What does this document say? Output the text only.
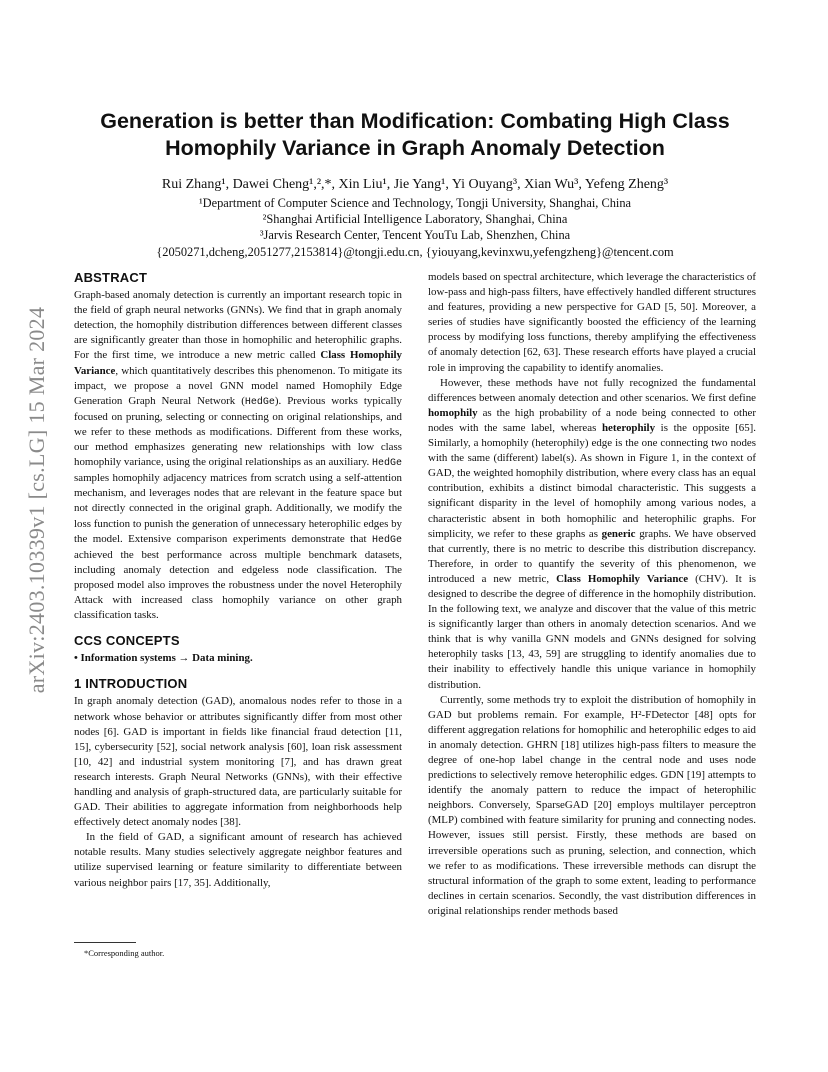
arXiv:2403.10339v1 [cs.LG] 15 Mar 2024
Generation is better than Modification: Combating High Class
Homophily Variance in Graph Anomaly Detection
Rui Zhang¹, Dawei Cheng¹,²,*, Xin Liu¹, Jie Yang¹, Yi Ouyang³, Xian Wu³, Yefeng Zheng³
¹Department of Computer Science and Technology, Tongji University, Shanghai, China
²Shanghai Artificial Intelligence Laboratory, Shanghai, China
³Jarvis Research Center, Tencent YouTu Lab, Shenzhen, China
{2050271,dcheng,2051277,2153814}@tongji.edu.cn, {yiouyang,kevinxwu,yefengzheng}@tencent.com
ABSTRACT

Graph-based anomaly detection is currently an important research topic in the field of graph neural networks (GNNs). We find that in graph anomaly detection, the homophily distribution differences between different classes are significantly greater than those in homophilic and heterophilic graphs. For the first time, we introduce a new metric called Class Homophily Variance, which quantitatively describes this phenomenon. To mitigate its impact, we propose a novel GNN model named Homophily Edge Generation Graph Neural Network (HedGe). Previous works typically focused on pruning, selecting or connecting on original relationships, and we refer to these methods as modifications. Different from these works, our method emphasizes generating new relationships with low class homophily variance, using the original relationships as an auxiliary. HedGe samples homophily adjacency matrices from scratch using a self-attention mechanism, and leverages nodes that are relevant in the feature space but not directly connected in the original graph. Additionally, we modify the loss function to punish the generation of unnecessary heterophilic edges by the model. Extensive comparison experiments demonstrate that HedGe achieved the best performance across multiple benchmark datasets, including anomaly detection and edgeless node classification. The proposed model also improves the robustness under the novel Heterophily Attack with increased class homophily variance on other graph classification tasks.

CCS CONCEPTS

• Information systems → Data mining.

1 INTRODUCTION

In graph anomaly detection (GAD), anomalous nodes refer to those in a network whose behavior or attributes significantly differ from most other nodes [6]. GAD is important in fields like financial fraud detection [11, 15], cybersecurity [52], social network analysis [60], loan risk assessment [10, 42] and industrial system monitoring [7], and has drawn great research interests. Graph Neural Networks (GNNs), with their effective handling and analysis of graph-structured data, are particularly suitable for GAD. Their abilities to aggregate information from neighborhoods help effectively detect anomaly nodes [38].

In the field of GAD, a significant amount of research has achieved notable results. Many studies selectively aggregate neighbor features and utilize supervised learning or feature similarity to differentiate between various neighbor pairs [17, 35]. Additionally,

*Corresponding author.

models based on spectral architecture, which leverage the characteristics of low-pass and high-pass filters, have effectively handled different structures and features, providing a new perspective for GAD [5, 50]. Moreover, a series of studies have significantly boosted the efficiency of the learning process by modifying loss functions, thereby amplifying the effectiveness of anomaly detection [62, 63]. These research efforts have played a crucial role in improving the capability to identify anomalies.

However, these methods have not fully recognized the fundamental differences between anomaly detection and other scenarios. We first define homophily as the high probability of a node being connected to other nodes with the same label, whereas heterophily is the opposite [65]. Similarly, a homophily (heterophily) edge is the one connecting two nodes with the same (different) label(s). As shown in Figure 1, in the context of GAD, the weighted homophily distribution, where every class has an equal contribution, exhibits a distinct bimodal characteristic. This suggests a significant disparity in the level of homophily among various nodes, a characteristic absent in both homophilic and heterophilic graphs. For simplicity, we refer to these graphs as generic graphs. We have observed that currently, there is no metric to describe this distribution discrepancy. Therefore, in order to quantify the severity of this phenomenon, we introduced a new metric, Class Homophily Variance (CHV). It is designed to describe the degree of difference in the homophily distribution. In the following text, we analyze and discover that the value of this metric is significantly larger than others in anomaly detection scenarios. And we think that is why vanilla GNN models and GNNs designed for solving heterophily tasks [13, 43, 59] are struggling to identify anomalies due to their inability to effectively handle this unique variance in homophily distribution.

Currently, some methods try to exploit the distribution of homophily in GAD but problems remain. For example, H²-FDetector [48] opts for different aggregation relations for homophilic and heterophilic edges to aid in anomaly detection. GHRN [18] utilizes high-pass filters to measure the degree of one-hop label change in the central node and uses node predictions to selectively remove heterophilic edges. GDN [19] attempts to identify the anomaly pattern to reduce the impact of heterophilic neighbors. Conversely, SparseGAD [20] employs multilayer perceptron (MLP) combined with feature similarity for pruning and connecting nodes. However, issues still persist. Firstly, these methods are based on irreversible operations such as pruning, selection, and connection, which we refer to as modifications. These irreversible methods can disrupt the structural information of the graph to some extent, leading to performance declines in certain scenarios. Secondly, the vast distribution differences in original relationships render methods based
